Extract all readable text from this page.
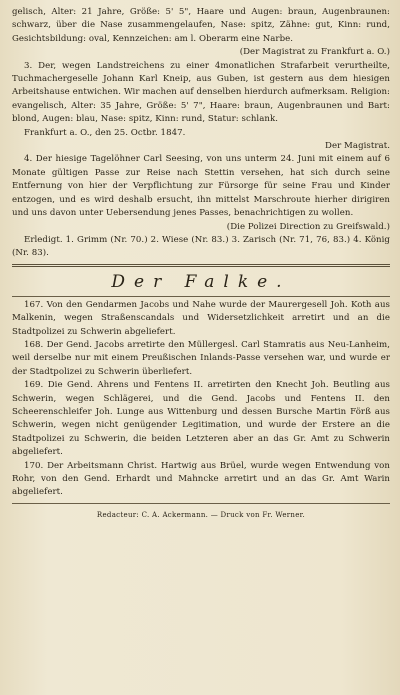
gelisch, Alter: 21 Jahre, Größe: 5' 5", Haare und Augen: braun, Augenbraunen: schwarz, über die Nase zusammengelaufen, Nase: spitz, Zähne: gut, Kinn: rund, Gesichtsbildung: oval, Kennzeichen: am l. Oberarm eine Narbe.

(Der Magistrat zu Frankfurt a. O.)

3. Der, wegen Landstreichens zu einer 4monatlichen Strafarbeit verurtheilte, Tuchmachergeselle Johann Karl Kneip, aus Guben, ist gestern aus dem hiesigen Arbeitshause entwichen. Wir machen auf denselben hierdurch aufmerksam. Religion: evangelisch, Alter: 35 Jahre, Größe: 5' 7", Haare: braun, Augenbraunen und Bart: blond, Augen: blau, Nase: spitz, Kinn: rund, Statur: schlank.

Frankfurt a. O., den 25. Octbr. 1847.

Der Magistrat.

4. Der hiesige Tagelöhner Carl Seesing, von uns unterm 24. Juni mit einem auf 6 Monate gültigen Passe zur Reise nach Stettin versehen, hat sich durch seine Entfernung von hier der Verpflichtung zur Fürsorge für seine Frau und Kinder entzogen, und es wird deshalb ersucht, ihn mittelst Marschroute hierher dirigiren und uns davon unter Uebersendung jenes Passes, benachrichtigen zu wollen.

(Die Polizei Direction zu Greifswald.)

Erledigt. 1. Grimm (Nr. 70.) 2. Wiese (Nr. 83.) 3. Zarisch (Nr. 71, 76, 83.) 4. König (Nr. 83).

Der Falke.

167. Von den Gendarmen Jacobs und Nahe wurde der Maurergesell Joh. Koth aus Malkenin, wegen Straßenscandals und Widersetzlichkeit arretirt und an die Stadtpolizei zu Schwerin abgeliefert.

168. Der Gend. Jacobs arretirte den Müllergesl. Carl Stamratis aus Neu-Lanheim, weil derselbe nur mit einem Preußischen Inlands-Passe versehen war, und wurde er der Stadtpolizei zu Schwerin überliefert.

169. Die Gend. Ahrens und Fentens II. arretirten den Knecht Joh. Beutling aus Schwerin, wegen Schlägerei, und die Gend. Jacobs und Fentens II. den Scheerenschleifer Joh. Lunge aus Wittenburg und dessen Bursche Martin Förß aus Schwerin, wegen nicht genügender Legitimation, und wurde der Erstere an die Stadtpolizei zu Schwerin, die beiden Letzteren aber an das Gr. Amt zu Schwerin abgeliefert.

170. Der Arbeitsmann Christ. Hartwig aus Brüel, wurde wegen Entwendung von Rohr, von den Gend. Erhardt und Mahncke arretirt und an das Gr. Amt Warin abgeliefert.

Redacteur: C. A. Ackermann. — Druck von Fr. Werner.
